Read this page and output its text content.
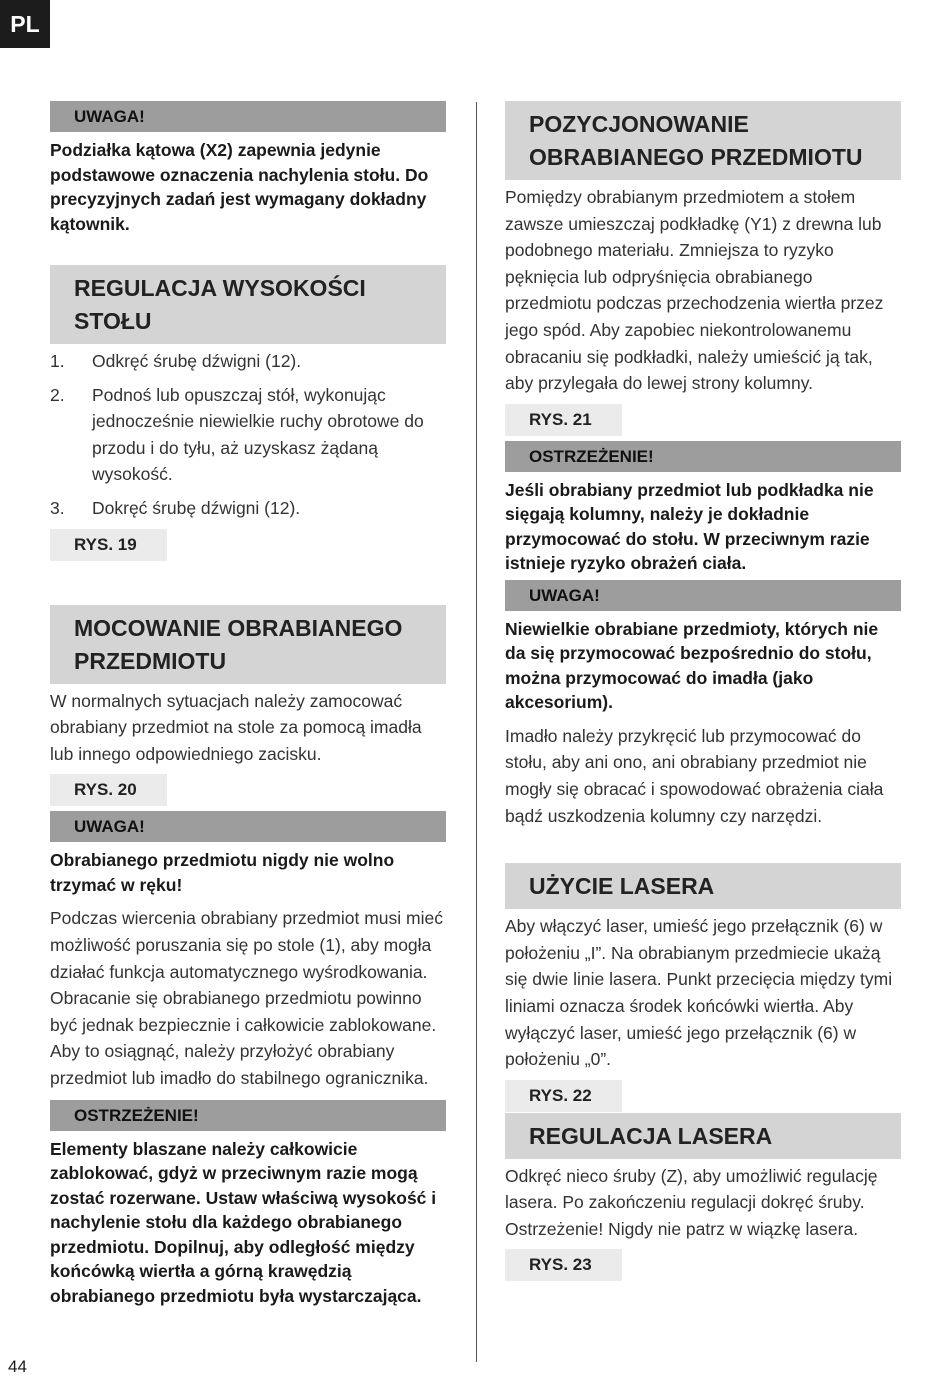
PL
UWAGA!

Podziałka kątowa (X2) zapewnia jedynie podstawowe oznaczenia nachylenia stołu. Do precyzyjnych zadań jest wymagany dokładny kątownik.

REGULACJA WYSOKOŚCI STOŁU
1.	Odkręć śrubę dźwigni (12).
2.	Podnoś lub opuszczaj stół, wykonując jednocześnie niewielkie ruchy obrotowe do przodu i do tyłu, aż uzyskasz żądaną wysokość.
3.	Dokręć śrubę dźwigni (12).
RYS. 19
MOCOWANIE OBRABIANEGO PRZEDMIOTU

W normalnych sytuacjach należy zamocować obrabiany przedmiot na stole za pomocą imadła lub innego odpowiedniego zacisku.

RYS. 20
UWAGA!

Obrabianego przedmiotu nigdy nie wolno trzymać w ręku!

Podczas wiercenia obrabiany przedmiot musi mieć możliwość poruszania się po stole (1), aby mogła działać funkcja automatycznego wyśrodkowania. Obracanie się obrabianego przedmiotu powinno być jednak bezpiecznie i całkowicie zablokowane. Aby to osiągnąć, należy przyłożyć obrabiany przedmiot lub imadło do stabilnego ogranicznika.

OSTRZEŻENIE!

Elementy blaszane należy całkowicie zablokować, gdyż w przeciwnym razie mogą zostać rozerwane. Ustaw właściwą wysokość i nachylenie stołu dla każdego obrabianego przedmiotu. Dopilnuj, aby odległość między końcówką wiertła a górną krawędzią obrabianego przedmiotu była wystarczająca.

POZYCJONOWANIE OBRABIANEGO PRZEDMIOTU

Pomiędzy obrabianym przedmiotem a stołem zawsze umieszczaj podkładkę (Y1) z drewna lub podobnego materiału. Zmniejsza to ryzyko pęknięcia lub odpryśnięcia obrabianego przedmiotu podczas przechodzenia wiertła przez jego spód. Aby zapobiec niekontrolowanemu obracaniu się podkładki, należy umieścić ją tak, aby przylegała do lewej strony kolumny.

RYS. 21
OSTRZEŻENIE!

Jeśli obrabiany przedmiot lub podkładka nie sięgają kolumny, należy je dokładnie przymocować do stołu. W przeciwnym razie istnieje ryzyko obrażeń ciała.

UWAGA!

Niewielkie obrabiane przedmioty, których nie da się przymocować bezpośrednio do stołu, można przymocować do imadła (jako akcesorium).

Imadło należy przykręcić lub przymocować do stołu, aby ani ono, ani obrabiany przedmiot nie mogły się obracać i spowodować obrażenia ciała bądź uszkodzenia kolumny czy narzędzi.

UŻYCIE LASERA

Aby włączyć laser, umieść jego przełącznik (6) w położeniu „I”. Na obrabianym przedmiecie ukażą się dwie linie lasera. Punkt przecięcia między tymi liniami oznacza środek końcówki wiertła. Aby wyłączyć laser, umieść jego przełącznik (6) w położeniu „0”.

RYS. 22
REGULACJA LASERA

Odkręć nieco śruby (Z), aby umożliwić regulację lasera. Po zakończeniu regulacji dokręć śruby. Ostrzeżenie! Nigdy nie patrz w wiązkę lasera.

RYS. 23
44
